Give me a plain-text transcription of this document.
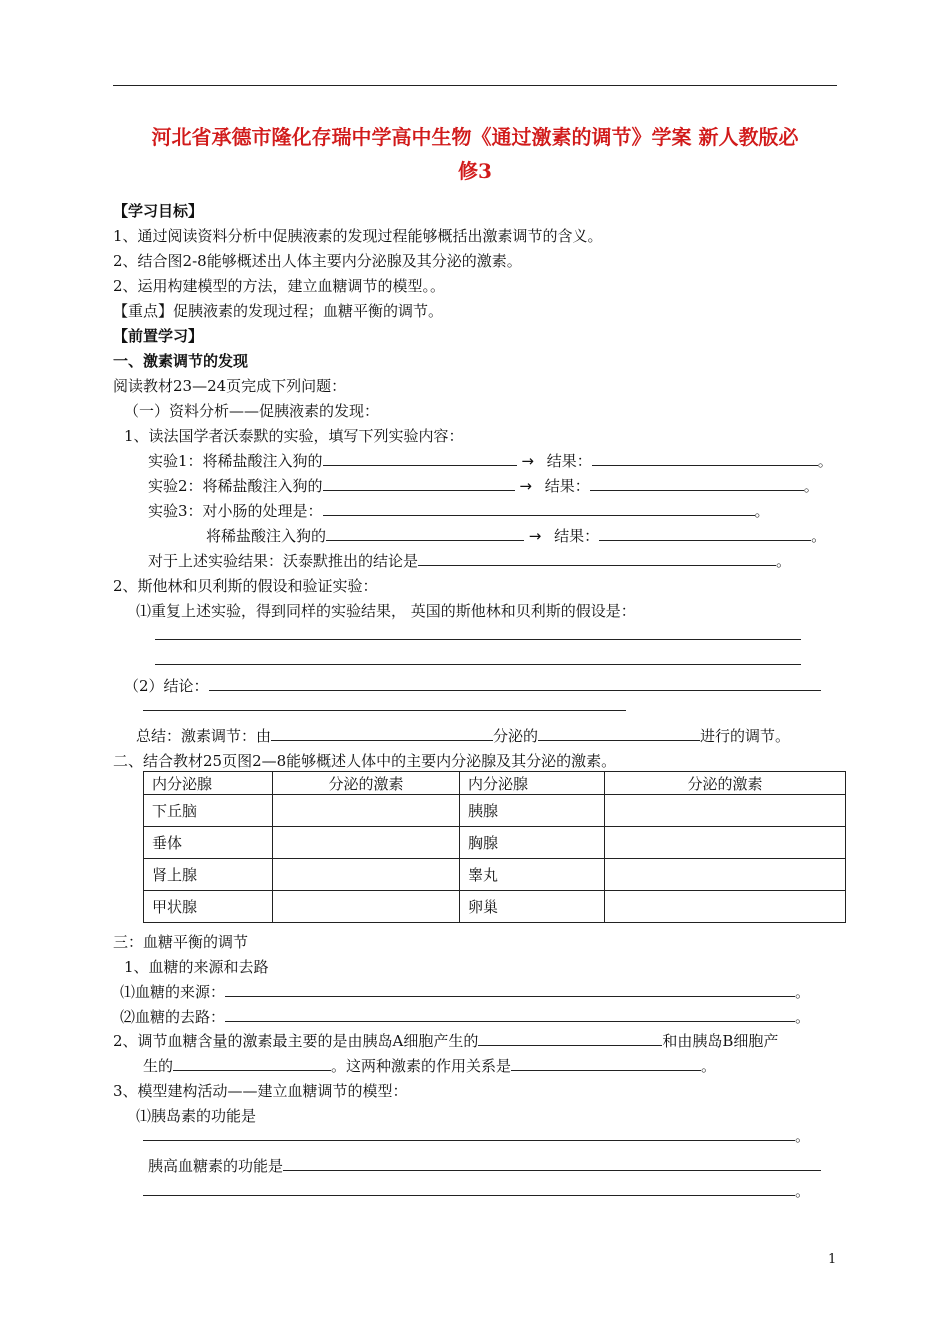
河北省承德市隆化存瑞中学高中生物《通过激素的调节》学案 新人教版必
修3
【学习目标】
1、通过阅读资料分析中促胰液素的发现过程能够概括出激素调节的含义。
2、结合图2-8能够概述出人体主要内分泌腺及其分泌的激素。
2、运用构建模型的方法，建立血糖调节的模型。。
【重点】促胰液素的发现过程；血糖平衡的调节。
【前置学习】
一、激素调节的发现
阅读教材23—24页完成下列问题：
（一）资料分析——促胰液素的发现：
1、读法国学者沃泰默的实验，填写下列实验内容：
实验1：将稀盐酸注入狗的	→ 结果：	。
实验2：将稀盐酸注入狗的	→ 结果：	。
实验3：对小肠的处理是：	。
将稀盐酸注入狗的	→ 结果：	。
对于上述实验结果：沃泰默推出的结论是	。
2、斯他林和贝利斯的假设和验证实验：
⑴重复上述实验，得到同样的实验结果， 英国的斯他林和贝利斯的假设是：
（2）结论：
总结：激素调节：由	分泌的	进行的调节。
二、结合教材25页图2—8能够概述人体中的主要内分泌腺及其分泌的激素。
内分泌腺	分泌的激素	内分泌腺	分泌的激素
下丘脑		胰腺	
垂体		胸腺	
肾上腺		睾丸	
甲状腺		卵巢	
三：血糖平衡的调节
1、血糖的来源和去路
⑴血糖的来源：	。
⑵血糖的去路：	。
2、调节血糖含量的激素最主要的是由胰岛A细胞产生的	和由胰岛B细胞产
生的	。这两种激素的作用关系是	。
3、模型建构活动——建立血糖调节的模型：
⑴胰岛素的功能是
。
胰高血糖素的功能是
。
1
